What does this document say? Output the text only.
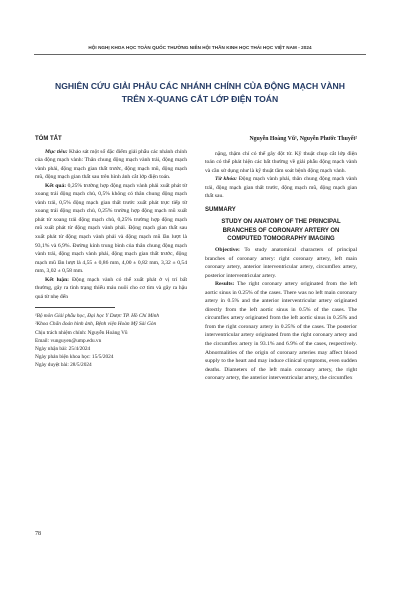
HỘI NGHỊ KHOA HỌC TOÀN QUỐC THƯỜNG NIÊN HỘI THẦN KINH HỌC THÁI HỌC VIỆT NAM - 2024
NGHIÊN CỨU GIẢI PHẪU CÁC NHÁNH CHÍNH CỦA ĐỘNG MẠCH VÀNH
TRÊN X-QUANG CẮT LỚP ĐIỆN TOÁN
TÓM TẮT

Mục tiêu: Khảo sát một số đặc điểm giải phẫu các nhánh chính của động mạch vành: Thân chung động mạch vành trái, động mạch vành phải, động mạch gian thất trước, động mạch mũ, động mạch mũ, động mạch gian thất sau trên hình ảnh cắt lớp điện toán.

Kết quả: 0,25% trường hợp động mạch vành phải xuất phát từ xoang trái động mạch chủ, 0,5% không có thân chung động mạch vành trái, 0,5% động mạch gian thất trước xuất phát trực tiếp từ xoang trái động mạch chủ, 0,25% trường hợp động mạch mũ xuất phát từ xoang trái động mạch chủ, 0,25% trường hợp động mạch mũ xuất phát từ động mạch vành phải. Động mạch gian thất sau xuất phát từ động mạch vành phải và động mạch mũ lần lượt là 93,1% và 6,9%. Đường kính trung bình của thân chung động mạch vành trái, động mạch vành phải, động mạch gian thất trước, động mạch mũ lần lượt là 4,55 ± 0,86 mm, 4,00 ± 0,82 mm, 3,32 ± 0,54 mm, 3,02 ± 0,58 mm.

Kết luận: Động mạch vành có thể xuất phát ở vị trí bất thường, gây ra tình trạng thiếu máu nuôi cho cơ tim và gây ra hậu quả từ nhẹ đến

¹Bộ môn Giải phẫu học, Đại học Y Dược TP. Hồ Chí Minh

²Khoa Chẩn đoán hình ảnh, Bệnh viện Hoàn Mỹ Sài Gòn

Chịu trách nhiệm chính: Nguyễn Hoàng Vũ

Email: vunguyen@ump.edu.vn

Ngày nhận bài: 25/4/2024

Ngày phản biện khoa học: 15/5/2024

Ngày duyệt bài: 28/5/2024

Nguyễn Hoàng Vũ¹, Nguyễn Phước Thuyết²

nặng, thậm chí có thể gây đột tử. Kỹ thuật chụp cắt lớp điện toán có thể phát hiện các bất thường về giải phẫu động mạch vành và cần sử dụng như là kỹ thuật tầm soát bệnh động mạch vành.

Từ khóa: Động mạch vành phải, thân chung động mạch vành trái, động mạch gian thất trước, động mạch mũ, động mạch gian thất sau.

SUMMARY

STUDY ON ANATOMY OF THE PRINCIPAL BRANCHES OF CORONARY ARTERY ON COMPUTED TOMOGRAPHY IMAGING

Objective: To study anatomical characters of principal branches of coronary artery: right coronary artery, left main coronary artery, anterior interventricular artery, circumflex artery, posterior interventricular artery.

Results: The right coronary artery originated from the left aortic sinus in 0.25% of the cases. There was no left main coronary artery in 0.5% and the anterior interventricular artery originated directly from the left aortic sinus in 0.5% of the cases. The circumflex artery originated from the left aortic sinus in 0.25% and from the right coronary artery in 0.25% of the cases. The posterior interventricular artery originated from the right coronary artery and the circumflex artery in 93.1% and 6.9% of the cases, respectively. Abnormalities of the origin of coronary arteries may affect blood supply to the heart and may induce clinical symptoms, even sudden deaths. Diameters of the left main coronary artery, the right coronary artery, the anterior interventricular artery, the circumflex

78
